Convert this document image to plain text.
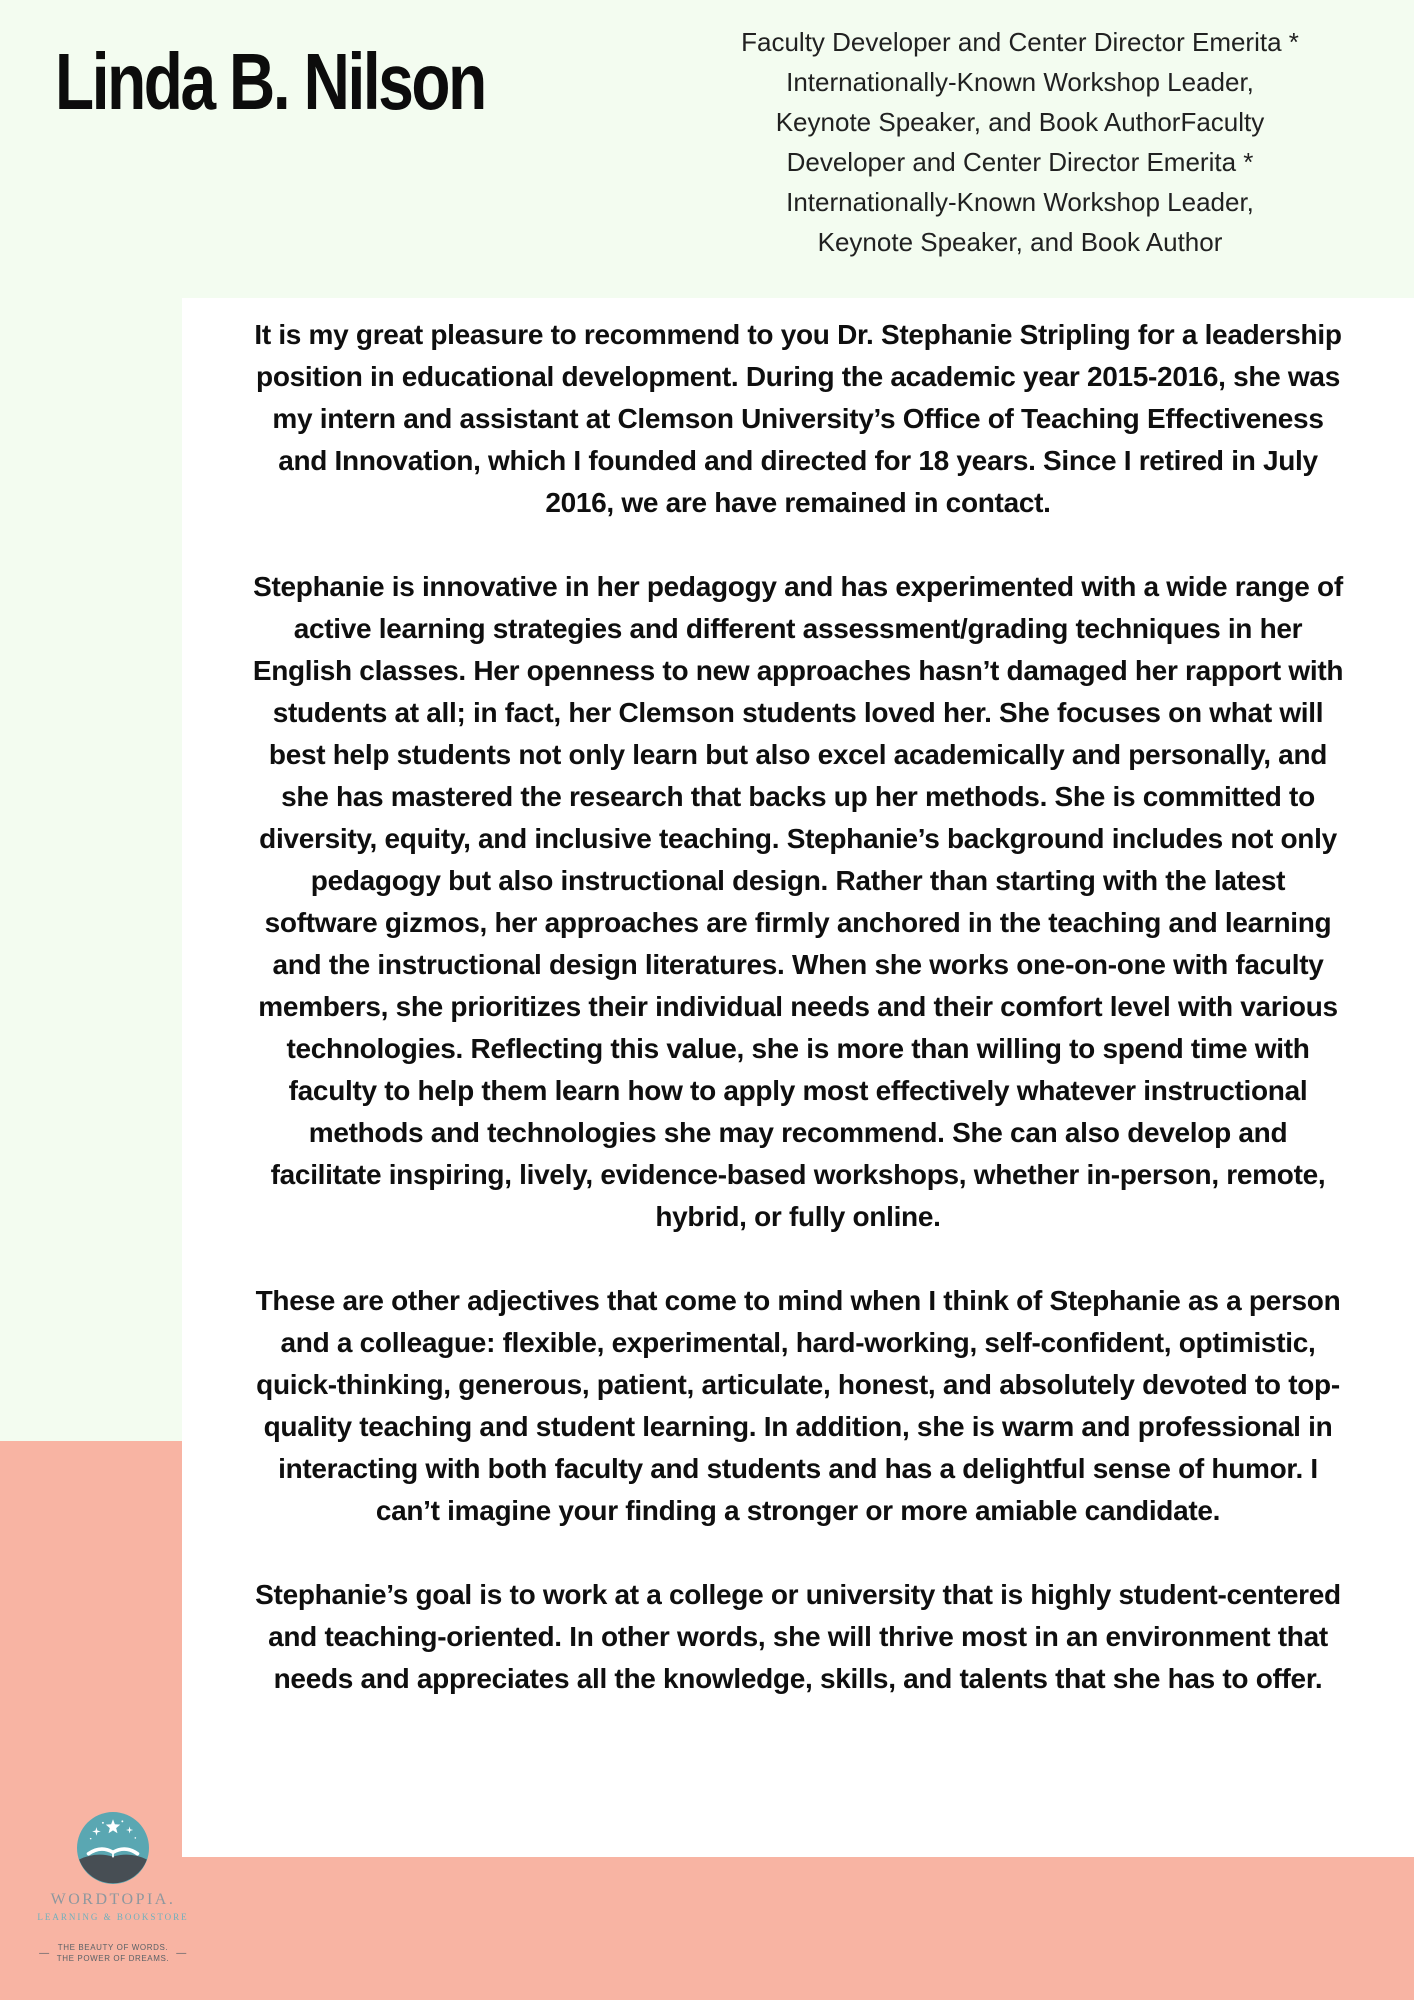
Linda B. Nilson	Faculty Developer and Center Director Emerita *
Internationally-Known Workshop Leader,
Keynote Speaker, and Book AuthorFaculty
Developer and Center Director Emerita *
Internationally-Known Workshop Leader,
Keynote Speaker, and Book Author

It is my great pleasure to recommend to you Dr. Stephanie Stripling for a leadership position in educational development. During the academic year 2015-2016, she was my intern and assistant at Clemson University’s Office of Teaching Effectiveness and Innovation, which I founded and directed for 18 years. Since I retired in July 2016, we are have remained in contact.

Stephanie is innovative in her pedagogy and has experimented with a wide range of active learning strategies and different assessment/grading techniques in her English classes. Her openness to new approaches hasn’t damaged her rapport with students at all; in fact, her Clemson students loved her. She focuses on what will best help students not only learn but also excel academically and personally, and she has mastered the research that backs up her methods. She is committed to diversity, equity, and inclusive teaching. Stephanie’s background includes not only pedagogy but also instructional design. Rather than starting with the latest software gizmos, her approaches are firmly anchored in the teaching and learning and the instructional design literatures. When she works one-on-one with faculty members, she prioritizes their individual needs and their comfort level with various technologies. Reflecting this value, she is more than willing to spend time with faculty to help them learn how to apply most effectively whatever instructional methods and technologies she may recommend. She can also develop and facilitate inspiring, lively, evidence-based workshops, whether in-person, remote, hybrid, or fully online.

These are other adjectives that come to mind when I think of Stephanie as a person and a colleague: flexible, experimental, hard-working, self-confident, optimistic, quick-thinking, generous, patient, articulate, honest, and absolutely devoted to top-quality teaching and student learning. In addition, she is warm and professional in interacting with both faculty and students and has a delightful sense of humor. I can’t imagine your finding a stronger or more amiable candidate.

Stephanie’s goal is to work at a college or university that is highly student-centered and teaching-oriented. In other words, she will thrive most in an environment that needs and appreciates all the knowledge, skills, and talents that she has to offer.

WORDTOPIA.
LEARNING & BOOKSTORE
— THE BEAUTY OF WORDS.
THE POWER OF DREAMS. —
